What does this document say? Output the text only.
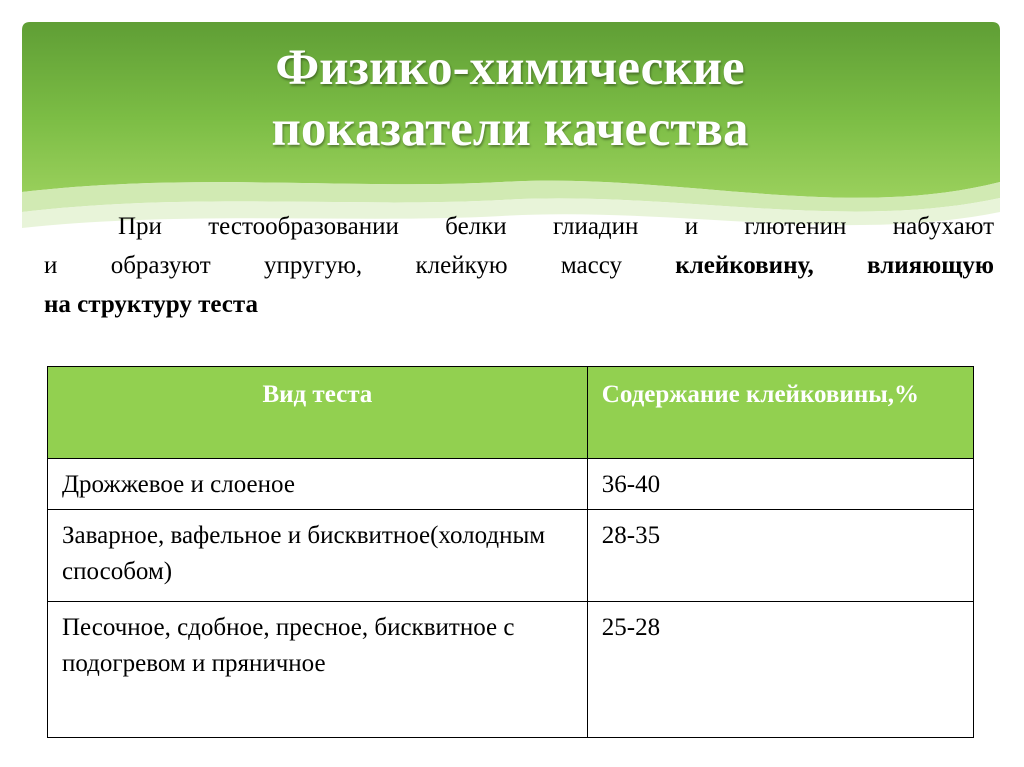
Физико-химические
показатели качества
При тестообразовании белки глиадин и глютенин набухают
и образуют упругую, клейкую массу клейковину, влияющую
на структуру теста
Вид теста	Содержание клейковины,%
Дрожжевое и слоеное	36-40
Заварное, вафельное и бисквитное(холодным способом)	28-35
Песочное, сдобное, пресное, бисквитное с подогревом и пряничное	25-28
